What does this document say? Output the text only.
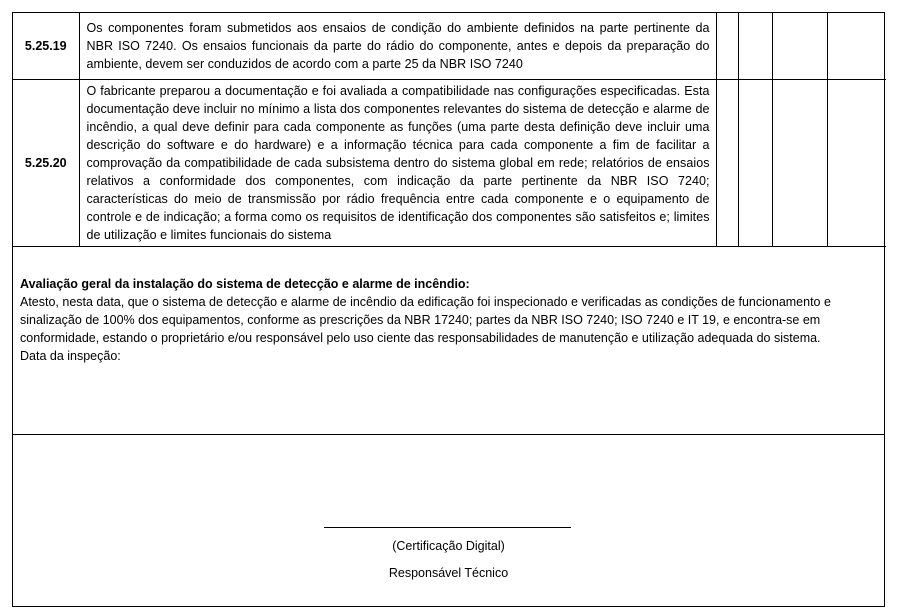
5.25.19	Os componentes foram submetidos aos ensaios de condição do ambiente definidos na parte pertinente da NBR ISO 7240. Os ensaios funcionais da parte do rádio do componente, antes e depois da preparação do ambiente, devem ser conduzidos de acordo com a parte 25 da NBR ISO 7240				
5.25.20	O fabricante preparou a documentação e foi avaliada a compatibilidade nas configurações especificadas. Esta documentação deve incluir no mínimo a lista dos componentes relevantes do sistema de detecção e alarme de incêndio, a qual deve definir para cada componente as funções (uma parte desta definição deve incluir uma descrição do software e do hardware) e a informação técnica para cada componente a fim de facilitar a comprovação da compatibilidade de cada subsistema dentro do sistema global em rede; relatórios de ensaios relativos a conformidade dos componentes, com indicação da parte pertinente da NBR ISO 7240; características do meio de transmissão por rádio frequência entre cada componente e o equipamento de controle e de indicação; a forma como os requisitos de identificação dos componentes são satisfeitos e; limites de utilização e limites funcionais do sistema				
Avaliação geral da instalação do sistema de detecção e alarme de incêndio:
Atesto, nesta data, que o sistema de detecção e alarme de incêndio da edificação foi inspecionado e verificadas as condições de funcionamento e sinalização de 100% dos equipamentos, conforme as prescrições da NBR 17240; partes da NBR ISO 7240; ISO 7240 e IT 19, e encontra-se em conformidade, estando o proprietário e/ou responsável pelo uso ciente das responsabilidades de manutenção e utilização adequada do sistema.
Data da inspeção:
(Certificação Digital)
Responsável Técnico
